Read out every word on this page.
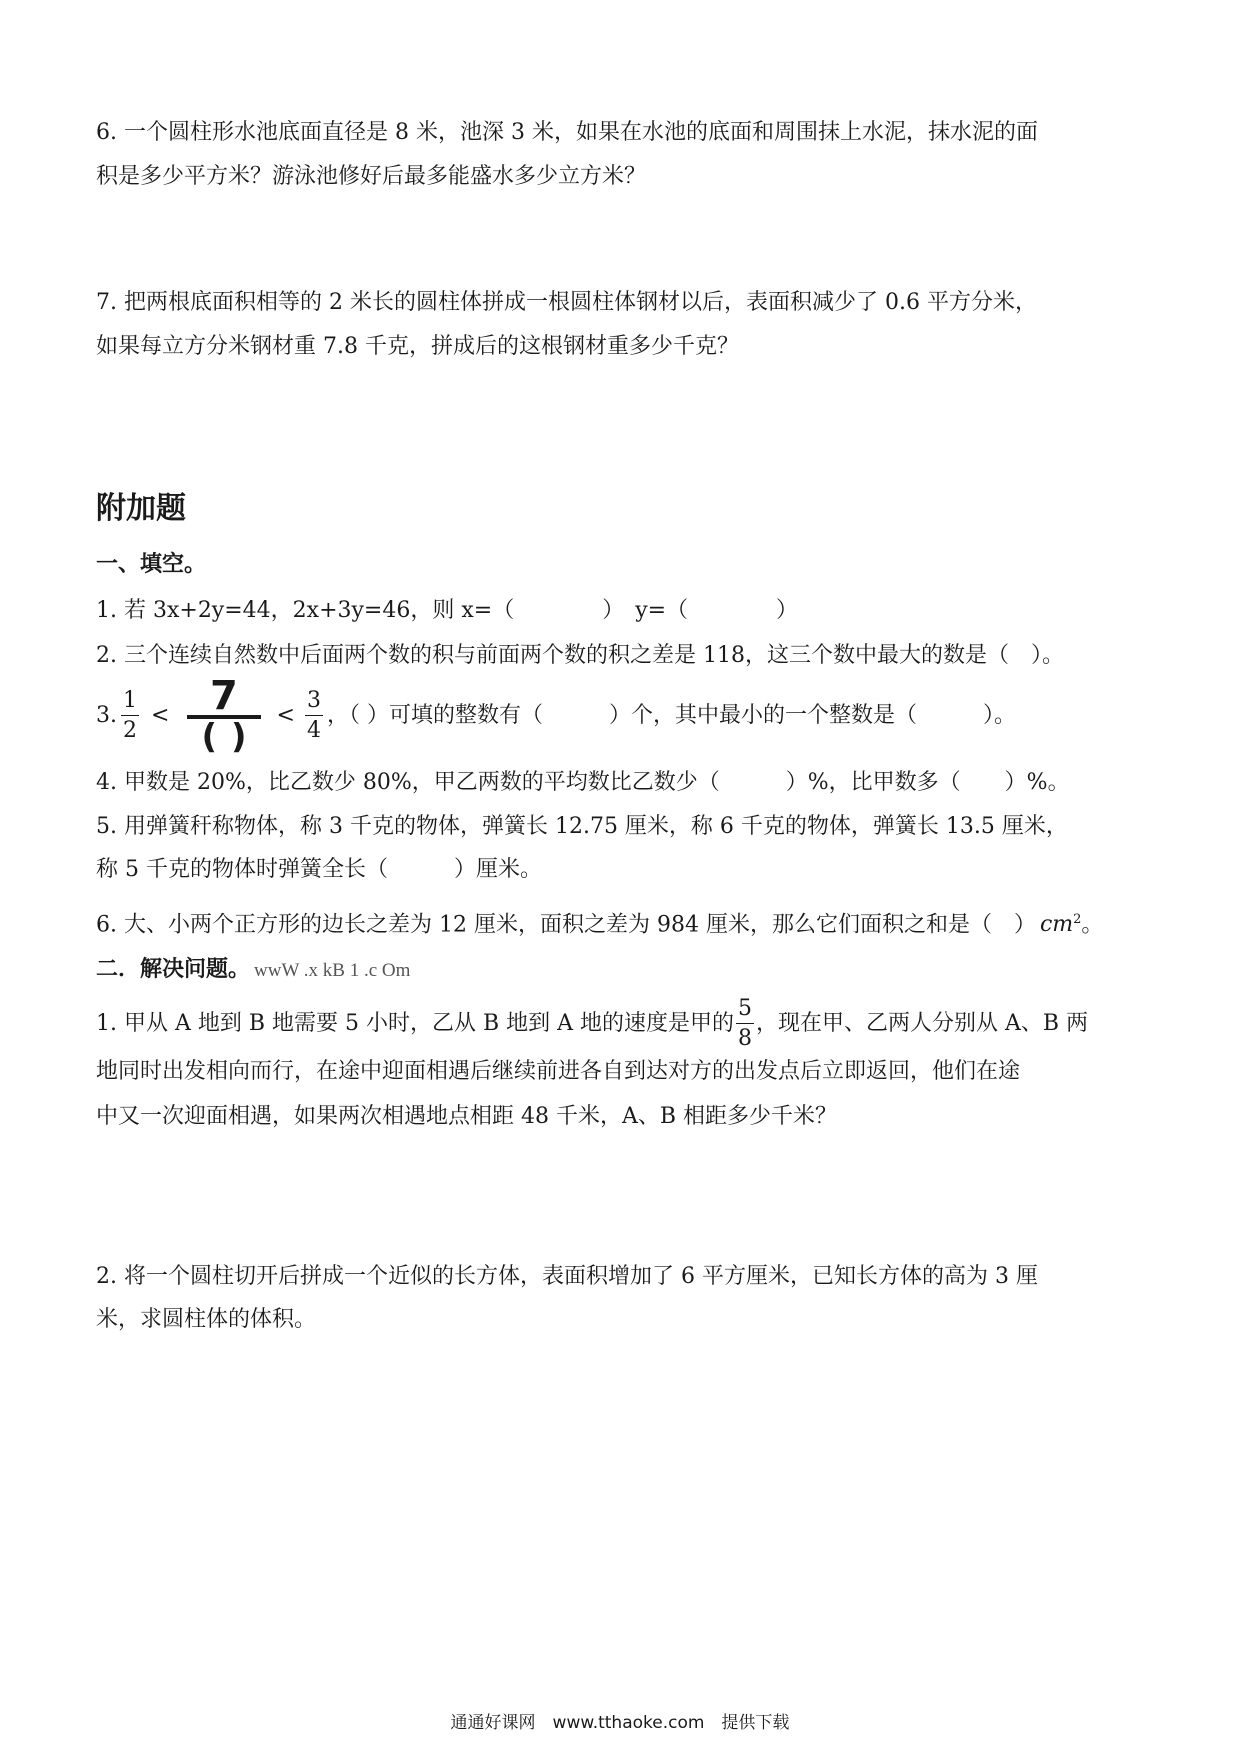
6. 一个圆柱形水池底面直径是 8 米，池深 3 米，如果在水池的底面和周围抹上水泥，抹水泥的面
积是多少平方米？游泳池修好后最多能盛水多少立方米？
7. 把两根底面积相等的 2 米长的圆柱体拼成一根圆柱体钢材以后，表面积减少了 0.6 平方分米，
如果每立方分米钢材重 7.8 千克，拼成后的这根钢材重多少千克？
附加题
一、填空。
1. 若 3x+2y=44，2x+3y=46，则 x=（　　　　）　y=（　　　　）
2. 三个连续自然数中后面两个数的积与前面两个数的积之差是 118，这三个数中最大的数是（　）。
3. $\frac{1}{2} < \frac{7}{()} < \frac{3}{4}$ ，（ ）可填的整数有（　　　）个，其中最小的一个整数是（　　　）。
4. 甲数是 20%，比乙数少 80%，甲乙两数的平均数比乙数少（　　　）%，比甲数多（　　）%。
5. 用弹簧秆称物体，称 3 千克的物体，弹簧长 12.75 厘米，称 6 千克的物体，弹簧长 13.5 厘米，
称 5 千克的物体时弹簧全长（　　　）厘米。
6. 大、小两个正方形的边长之差为 12 厘米，面积之差为 984 厘米，那么它们面积之和是（　） $cm^2$。
二．解决问题。 wwW .x kB 1 .c Om
1. 甲从 A 地到 B 地需要 5 小时，乙从 B 地到 A 地的速度是甲的 $\frac{5}{8}$ ，现在甲、乙两人分别从 A、B 两
地同时出发相向而行，在途中迎面相遇后继续前进各自到达对方的出发点后立即返回，他们在途
中又一次迎面相遇，如果两次相遇地点相距 48 千米，A、B 相距多少千米？
2. 将一个圆柱切开后拼成一个近似的长方体，表面积增加了 6 平方厘米，已知长方体的高为 3 厘
米，求圆柱体的体积。
通通好课网　www.tthaoke.com　提供下载
